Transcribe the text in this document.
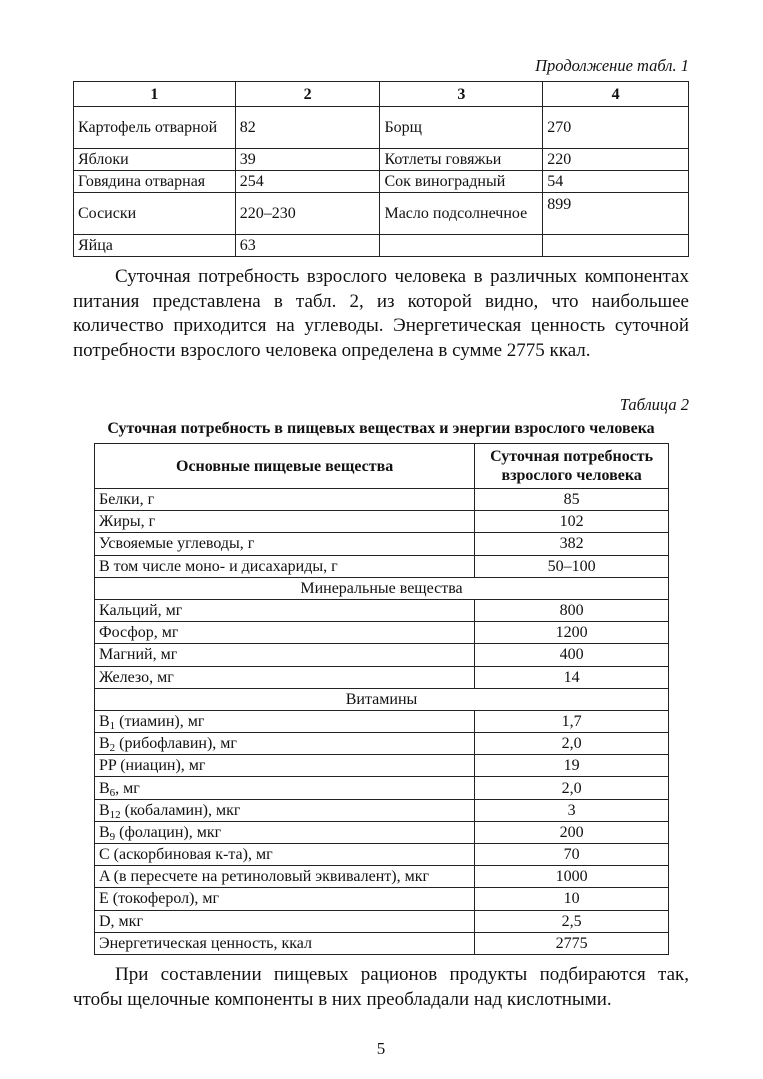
Продолжение табл. 1
1	2	3	4
Картофель отварной	82	Борщ	270
Яблоки	39	Котлеты говяжьи	220
Говядина отварная	254	Сок виноградный	54
Сосиски	220–230	Масло подсолнечное	899
Яйца	63		

Суточная потребность взрослого человека в различных компонентах питания представлена в табл. 2, из которой видно, что наибольшее количество приходится на углеводы. Энергетическая ценность суточной потребности взрослого человека определена в сумме 2775 ккал.

Таблица 2
Суточная потребность в пищевых веществах и энергии взрослого человека
Основные пищевые вещества	Суточная потребность взрослого человека
Белки, г	85
Жиры, г	102
Усвояемые углеводы, г	382
В том числе моно- и дисахариды, г	50–100
Минеральные вещества	
Кальций, мг	800
Фосфор, мг	1200
Магний, мг	400
Железо, мг	14
Витамины	
$B_1$ (тиамин), мг	1,7
$B_2$ (рибофлавин), мг	2,0
PP (ниацин), мг	19
$B_6$, мг	2,0
$B_{12}$ (кобаламин), мкг	3
$B_9$ (фолацин), мкг	200
C (аскорбиновая к-та), мг	70
A (в пересчете на ретиноловый эквивалент), мкг	1000
E (токоферол), мг	10
D, мкг	2,5
Энергетическая ценность, ккал	2775

При составлении пищевых рационов продукты подбираются так, чтобы щелочные компоненты в них преобладали над кислотными.

5
